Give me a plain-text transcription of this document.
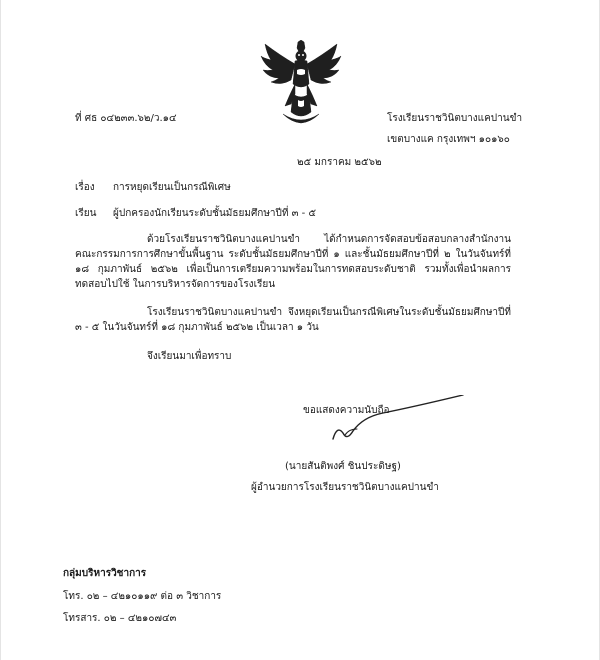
ที่ ศธ ๐๔๒๓๓.๖๒/ว.๑๔	โรงเรียนราชวินิตบางแคปานขำ
เขตบางแค กรุงเทพฯ ๑๐๑๖๐
๒๕ มกราคม ๒๕๖๒
เรื่อง การหยุดเรียนเป็นกรณีพิเศษ
เรียน ผู้ปกครองนักเรียนระดับชั้นมัธยมศึกษาปีที่ ๓ - ๕
ด้วยโรงเรียนราชวินิตบางแคปานขำ ได้กำหนดการจัดสอบข้อสอบกลางสำนักงาน คณะกรรมการการศึกษาขั้นพื้นฐาน ระดับชั้นมัธยมศึกษาปีที่ ๑ และชั้นมัธยมศึกษาปีที่ ๒ ในวันจันทร์ที่ ๑๘ กุมภาพันธ์ ๒๕๖๒ เพื่อเป็นการเตรียมความพร้อมในการทดสอบระดับชาติ รวมทั้งเพื่อนำผลการทดสอบไปใช้ ในการบริหารจัดการของโรงเรียน
โรงเรียนราชวินิตบางแคปานขำ จึงหยุดเรียนเป็นกรณีพิเศษในระดับชั้นมัธยมศึกษาปีที่ ๓ - ๕ ในวันจันทร์ที่ ๑๘ กุมภาพันธ์ ๒๕๖๒ เป็นเวลา ๑ วัน
จึงเรียนมาเพื่อทราบ
ขอแสดงความนับถือ
(นายสันติพงศ์ ชินประดิษฐ)
ผู้อำนวยการโรงเรียนราชวินิตบางแคปานขำ
กลุ่มบริหารวิชาการ
โทร. ๐๒ – ๔๒๑๐๑๑๙ ต่อ ๓ วิชาการ
โทรสาร. ๐๒ – ๔๒๑๐๗๔๓
